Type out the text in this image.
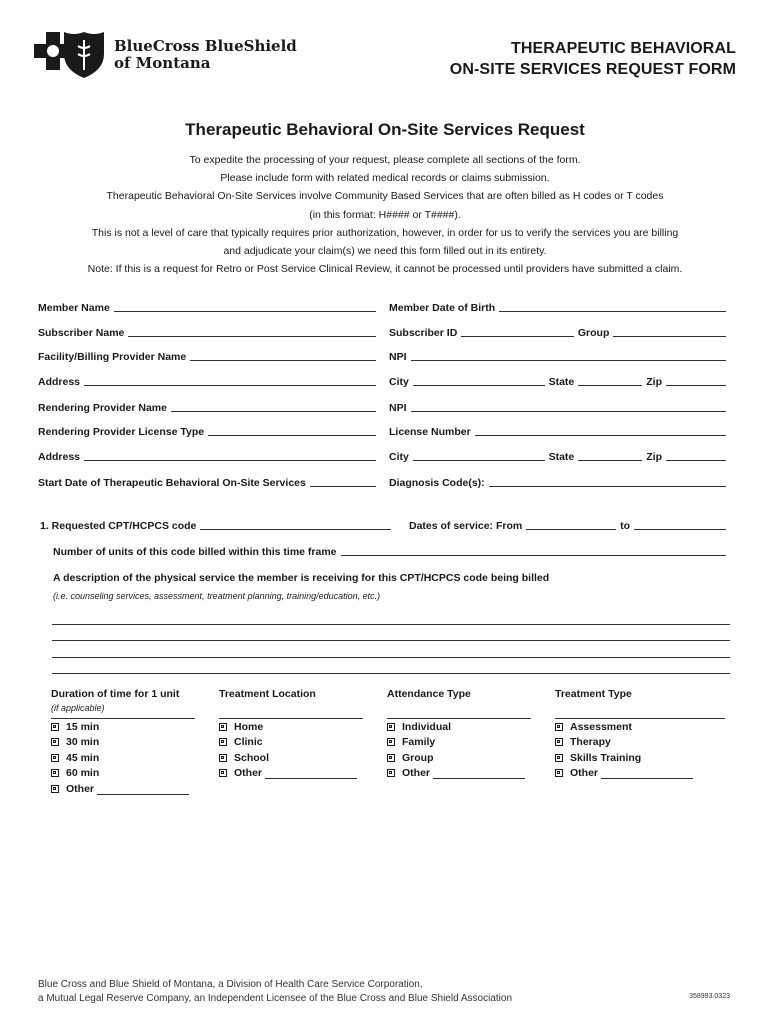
BlueCross BlueShield
of Montana
THERAPEUTIC BEHAVIORAL
ON-SITE SERVICES REQUEST FORM
Therapeutic Behavioral On-Site Services Request
To expedite the processing of your request, please complete all sections of the form.
Please include form with related medical records or claims submission.
Therapeutic Behavioral On-Site Services involve Community Based Services that are often billed as H codes or T codes
(in this format: H#### or T####).
This is not a level of care that typically requires prior authorization, however, in order for us to verify the services you are billing
and adjudicate your claim(s) we need this form filled out in its entirety.
Note: If this is a request for Retro or Post Service Clinical Review, it cannot be processed until providers have submitted a claim.
Member Name	Member Date of Birth
Subscriber Name	Subscriber ID	Group
Facility/Billing Provider Name	NPI
Address	City	State	Zip
Rendering Provider Name	NPI
Rendering Provider License Type	License Number
Address	City	State	Zip
Start Date of Therapeutic Behavioral On-Site Services	Diagnosis Code(s):
1. Requested CPT/HCPCS code	Dates of service: From	to
Number of units of this code billed within this time frame
A description of the physical service the member is receiving for this CPT/HCPCS code being billed
(i.e. counseling services, assessment, treatment planning, training/education, etc.)
Duration of time for 1 unit
(if applicable)
15 min
30 min
45 min
60 min
Other
Treatment Location
Home
Clinic
School
Other
Attendance Type
Individual
Family
Group
Other
Treatment Type
Assessment
Therapy
Skills Training
Other
Blue Cross and Blue Shield of Montana, a Division of Health Care Service Corporation,
a Mutual Legal Reserve Company, an Independent Licensee of the Blue Cross and Blue Shield Association	358993.0323
